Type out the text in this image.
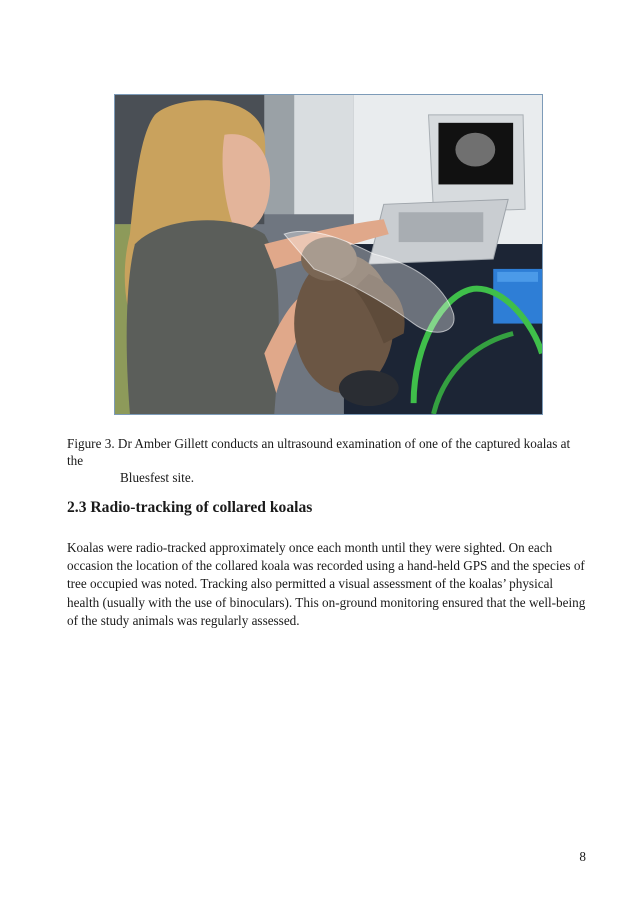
Figure 3. Dr Amber Gillett conducts an ultrasound examination of one of the captured koalas at the
Bluesfest site.
2.3 Radio-tracking of collared koalas

Koalas were radio-tracked approximately once each month until they were sighted. On each occasion the location of the collared koala was recorded using a hand-held GPS and the species of tree occupied was noted. Tracking also permitted a visual assessment of the koalas’ physical health (usually with the use of binoculars). This on-ground monitoring ensured that the well-being of the study animals was regularly assessed.

8
